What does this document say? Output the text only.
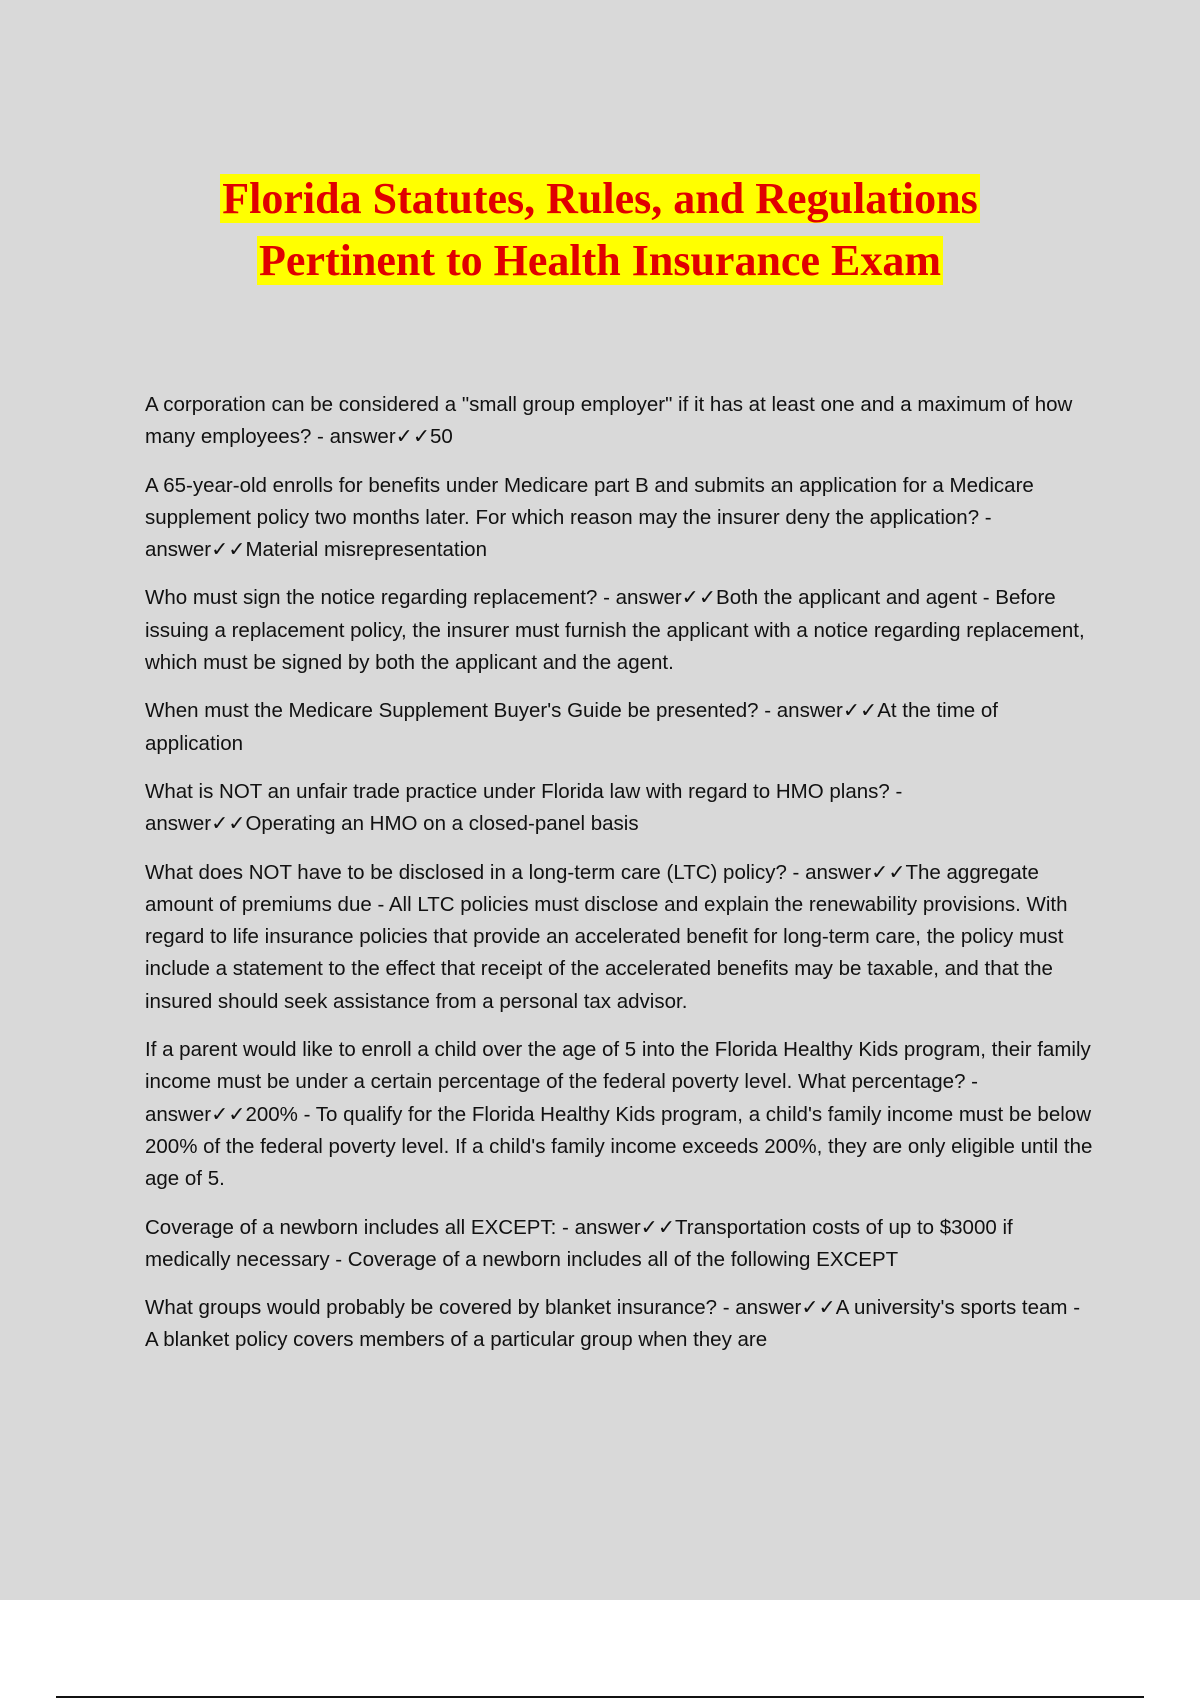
Florida Statutes, Rules, and Regulations
Pertinent to Health Insurance Exam

A corporation can be considered a "small group employer" if it has at least one and a maximum of how many employees? - answer✓✓50

A 65-year-old enrolls for benefits under Medicare part B and submits an application for a Medicare supplement policy two months later. For which reason may the insurer deny the application? - answer✓✓Material misrepresentation

Who must sign the notice regarding replacement? - answer✓✓Both the applicant and agent - Before issuing a replacement policy, the insurer must furnish the applicant with a notice regarding replacement, which must be signed by both the applicant and the agent.

When must the Medicare Supplement Buyer's Guide be presented? - answer✓✓At the time of application

What is NOT an unfair trade practice under Florida law with regard to HMO plans? - answer✓✓Operating an HMO on a closed-panel basis

What does NOT have to be disclosed in a long-term care (LTC) policy? - answer✓✓The aggregate amount of premiums due - All LTC policies must disclose and explain the renewability provisions. With regard to life insurance policies that provide an accelerated benefit for long-term care, the policy must include a statement to the effect that receipt of the accelerated benefits may be taxable, and that the insured should seek assistance from a personal tax advisor.

If a parent would like to enroll a child over the age of 5 into the Florida Healthy Kids program, their family income must be under a certain percentage of the federal poverty level. What percentage? - answer✓✓200% - To qualify for the Florida Healthy Kids program, a child's family income must be below 200% of the federal poverty level. If a child's family income exceeds 200%, they are only eligible until the age of 5.

Coverage of a newborn includes all EXCEPT: - answer✓✓Transportation costs of up to $3000 if medically necessary - Coverage of a newborn includes all of the following EXCEPT

What groups would probably be covered by blanket insurance? - answer✓✓A university's sports team - A blanket policy covers members of a particular group when they are
